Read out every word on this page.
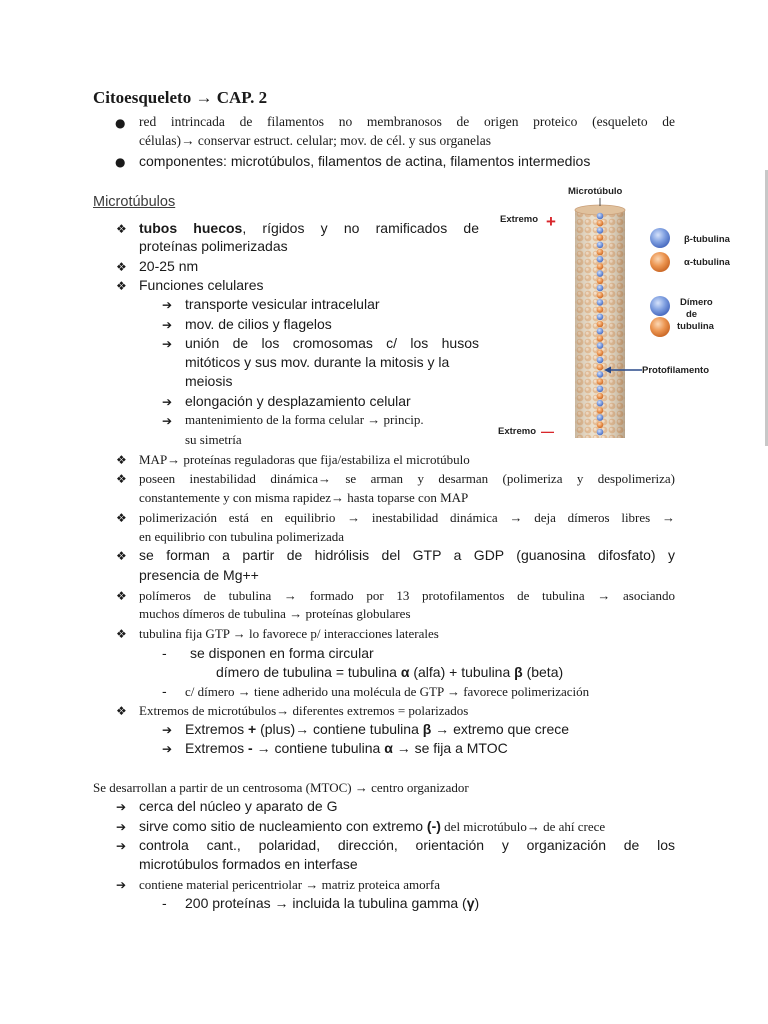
Citoesqueleto → CAP. 2
● red intrincada de filamentos no membranosos de origen proteico (esqueleto de
células)→ conservar estruct. celular; mov. de cél. y sus organelas
● componentes: microtúbulos, filamentos de actina, filamentos intermedios
Microtúbulos
❖ tubos huecos, rígidos y no ramificados de
proteínas polimerizadas
❖ 20-25 nm
❖ Funciones celulares
➔ transporte vesicular intracelular
➔ mov. de cilios y flagelos
➔ unión de los cromosomas c/ los husos
mitóticos y sus mov. durante la mitosis y la
meiosis
➔ elongación y desplazamiento celular
➔ mantenimiento de la forma celular → princip.
su simetría
Microtúbulo
Extremo +
Extremo —
β-tubulina
α-tubulina
Dímero
de
tubulina
Protofilamento
❖ MAP→ proteínas reguladoras que fija/estabiliza el microtúbulo
❖ poseen inestabilidad dinámica→ se arman y desarman (polimeriza y despolimeriza)
constantemente y con misma rapidez→ hasta toparse con MAP
❖ polimerización está en equilibrio → inestabilidad dinámica → deja dímeros libres →
en equilibrio con tubulina polimerizada
❖ se forman a partir de hidrólisis del GTP a GDP (guanosina difosfato) y
presencia de Mg++
❖ polímeros de tubulina → formado por 13 protofilamentos de tubulina → asociando
muchos dímeros de tubulina → proteínas globulares
❖ tubulina fija GTP → lo favorece p/ interacciones laterales
- se disponen en forma circular
dímero de tubulina = tubulina α (alfa) + tubulina β (beta)
- c/ dímero → tiene adherido una molécula de GTP → favorece polimerización
❖ Extremos de microtúbulos→ diferentes extremos = polarizados
➔ Extremos + (plus)→ contiene tubulina β → extremo que crece
➔ Extremos - → contiene tubulina α → se fija a MTOC
Se desarrollan a partir de un centrosoma (MTOC) → centro organizador
➔ cerca del núcleo y aparato de G
➔ sirve como sitio de nucleamiento con extremo (-) del microtúbulo→ de ahí crece
➔ controla cant., polaridad, dirección, orientación y organización de los
microtúbulos formados en interfase
➔ contiene material pericentriolar → matriz proteica amorfa
- 200 proteínas → incluida la tubulina gamma (γ)
